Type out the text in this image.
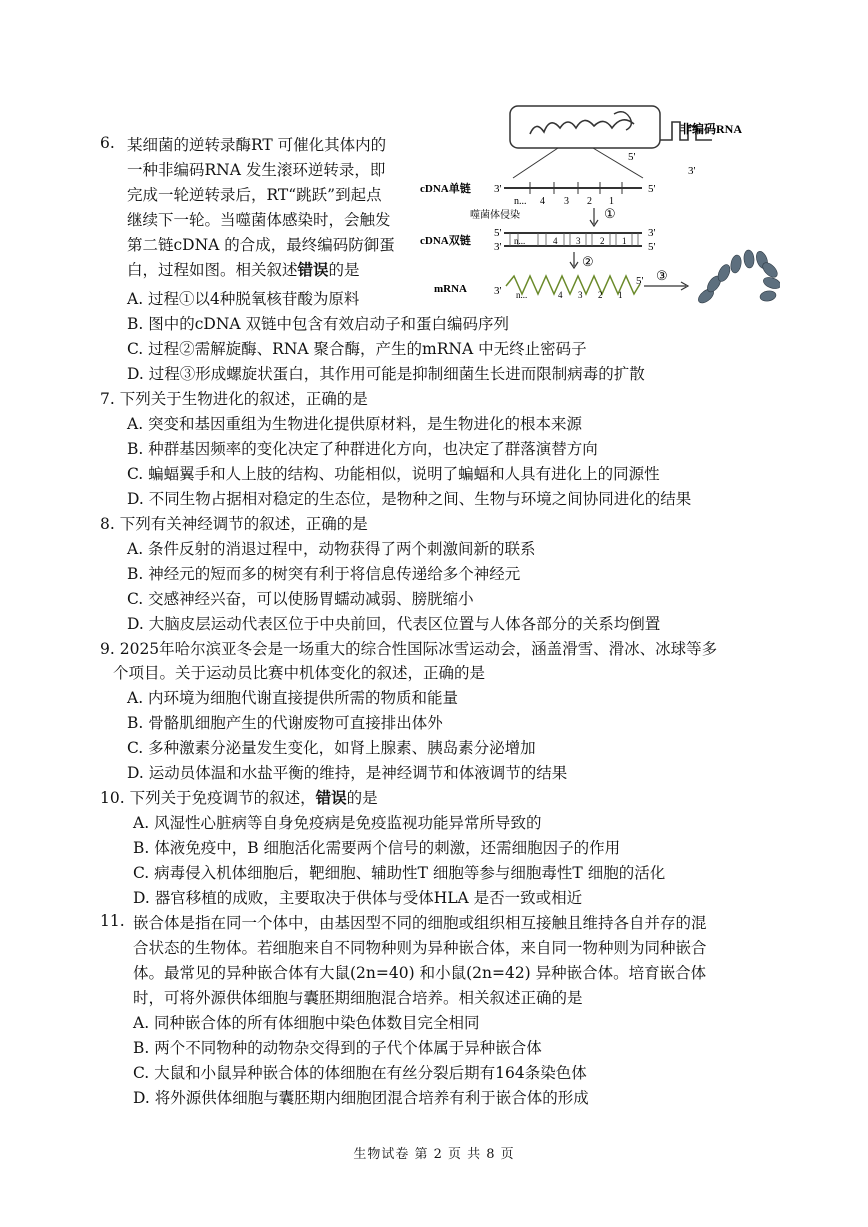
6. 某细菌的逆转录酶RT 可催化其体内的
一种非编码RNA 发生滚环逆转录，即
完成一轮逆转录后，RT“跳跃”到起点
继续下一轮。当噬菌体感染时，会触发
第二链cDNA 的合成，最终编码防御蛋
白，过程如图。相关叙述错误的是
A. 过程①以4种脱氧核苷酸为原料
B. 图中的cDNA 双链中包含有效启动子和蛋白编码序列
C. 过程②需解旋酶、RNA 聚合酶，产生的mRNA 中无终止密码子
D. 过程③形成螺旋状蛋白，其作用可能是抑制细菌生长进而限制病毒的扩散
非编码RNA
5'
3'
cDNA单链 3'
n... 4 3 2 1
5'
噬菌体侵染	①
cDNA双链
5'
3' n...	4 3 2 1
3'
5'
②
mRNA 3' n...	4 3 2 1
5' ③
7. 下列关于生物进化的叙述，正确的是
A. 突变和基因重组为生物进化提供原材料，是生物进化的根本来源
B. 种群基因频率的变化决定了种群进化方向，也决定了群落演替方向
C. 蝙蝠翼手和人上肢的结构、功能相似，说明了蝙蝠和人具有进化上的同源性
D. 不同生物占据相对稳定的生态位，是物种之间、生物与环境之间协同进化的结果
8. 下列有关神经调节的叙述，正确的是
A. 条件反射的消退过程中，动物获得了两个刺激间新的联系
B. 神经元的短而多的树突有利于将信息传递给多个神经元
C. 交感神经兴奋，可以使肠胃蠕动减弱、膀胱缩小
D. 大脑皮层运动代表区位于中央前回，代表区位置与人体各部分的关系均倒置
9. 2025年哈尔滨亚冬会是一场重大的综合性国际冰雪运动会，涵盖滑雪、滑冰、冰球等多
个项目。关于运动员比赛中机体变化的叙述，正确的是
A. 内环境为细胞代谢直接提供所需的物质和能量
B. 骨骼肌细胞产生的代谢废物可直接排出体外
C. 多种激素分泌量发生变化，如肾上腺素、胰岛素分泌增加
D. 运动员体温和水盐平衡的维持，是神经调节和体液调节的结果
10. 下列关于免疫调节的叙述，错误的是
A. 风湿性心脏病等自身免疫病是免疫监视功能异常所导致的
B. 体液免疫中，B 细胞活化需要两个信号的刺激，还需细胞因子的作用
C. 病毒侵入机体细胞后，靶细胞、辅助性T 细胞等参与细胞毒性T 细胞的活化
D. 器官移植的成败，主要取决于供体与受体HLA 是否一致或相近
11. 嵌合体是指在同一个体中，由基因型不同的细胞或组织相互接触且维持各自并存的混
合状态的生物体。若细胞来自不同物种则为异种嵌合体，来自同一物种则为同种嵌合
体。最常见的异种嵌合体有大鼠(2n=40) 和小鼠(2n=42) 异种嵌合体。培育嵌合体
时，可将外源供体细胞与囊胚期细胞混合培养。相关叙述正确的是
A. 同种嵌合体的所有体细胞中染色体数目完全相同
B. 两个不同物种的动物杂交得到的子代个体属于异种嵌合体
C. 大鼠和小鼠异种嵌合体的体细胞在有丝分裂后期有164条染色体
D. 将外源供体细胞与囊胚期内细胞团混合培养有利于嵌合体的形成
生物试卷 第 2 页 共 8 页
